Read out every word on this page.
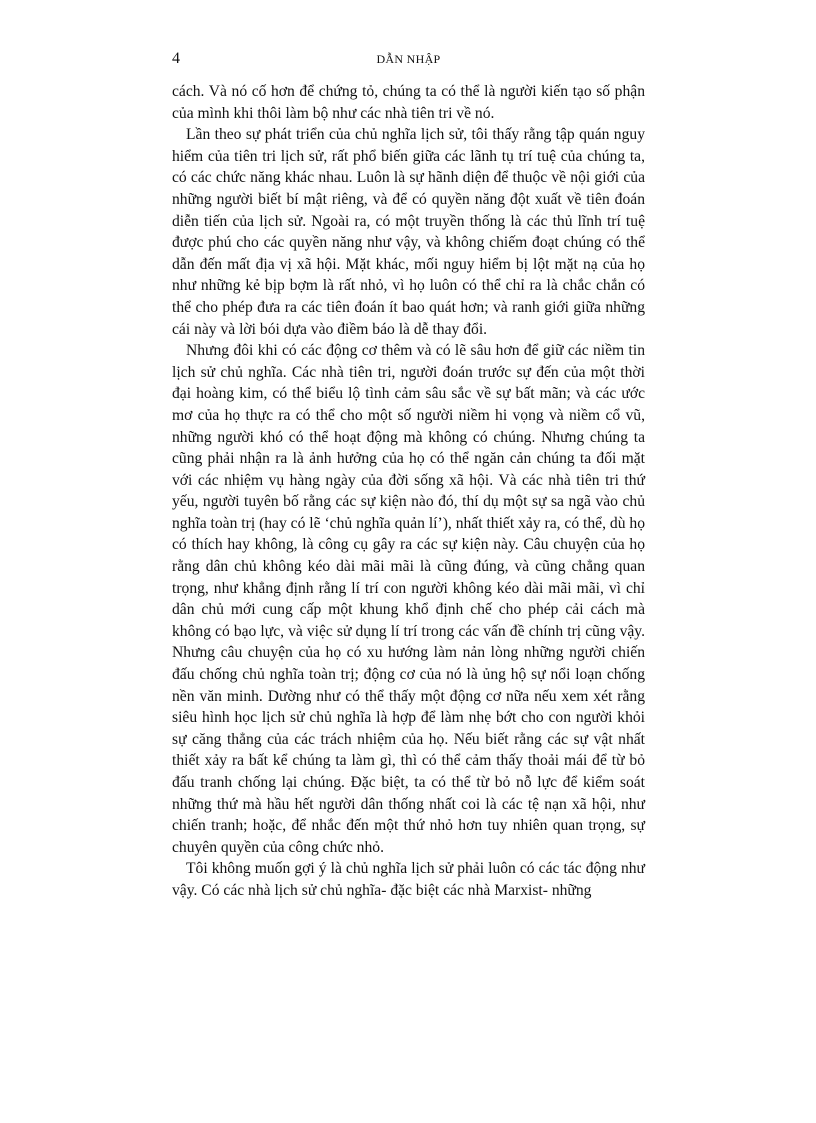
4	DẪN NHẬP

cách. Và nó cố hơn để chứng tỏ, chúng ta có thể là người kiến tạo số phận của mình khi thôi làm bộ như các nhà tiên tri về nó.

Lần theo sự phát triển của chủ nghĩa lịch sử, tôi thấy rằng tập quán nguy hiểm của tiên tri lịch sử, rất phổ biến giữa các lãnh tụ trí tuệ của chúng ta, có các chức năng khác nhau. Luôn là sự hãnh diện để thuộc về nội giới của những người biết bí mật riêng, và để có quyền năng đột xuất về tiên đoán diễn tiến của lịch sử. Ngoài ra, có một truyền thống là các thủ lĩnh trí tuệ được phú cho các quyền năng như vậy, và không chiếm đoạt chúng có thể dẫn đến mất địa vị xã hội. Mặt khác, mối nguy hiểm bị lột mặt nạ của họ như những kẻ bịp bợm là rất nhỏ, vì họ luôn có thể chỉ ra là chắc chắn có thể cho phép đưa ra các tiên đoán ít bao quát hơn; và ranh giới giữa những cái này và lời bói dựa vào điềm báo là dễ thay đổi.

Nhưng đôi khi có các động cơ thêm và có lẽ sâu hơn để giữ các niềm tin lịch sử chủ nghĩa. Các nhà tiên tri, người đoán trước sự đến của một thời đại hoàng kim, có thể biểu lộ tình cảm sâu sắc về sự bất mãn; và các ước mơ của họ thực ra có thể cho một số người niềm hi vọng và niềm cổ vũ, những người khó có thể hoạt động mà không có chúng. Nhưng chúng ta cũng phải nhận ra là ảnh hưởng của họ có thể ngăn cản chúng ta đối mặt với các nhiệm vụ hàng ngày của đời sống xã hội. Và các nhà tiên tri thứ yếu, người tuyên bố rằng các sự kiện nào đó, thí dụ một sự sa ngã vào chủ nghĩa toàn trị (hay có lẽ ‘chủ nghĩa quản lí’), nhất thiết xảy ra, có thể, dù họ có thích hay không, là công cụ gây ra các sự kiện này. Câu chuyện của họ rằng dân chủ không kéo dài mãi mãi là cũng đúng, và cũng chẳng quan trọng, như khẳng định rằng lí trí con người không kéo dài mãi mãi, vì chỉ dân chủ mới cung cấp một khung khổ định chế cho phép cải cách mà không có bạo lực, và việc sử dụng lí trí trong các vấn đề chính trị cũng vậy. Nhưng câu chuyện của họ có xu hướng làm nản lòng những người chiến đấu chống chủ nghĩa toàn trị; động cơ của nó là ủng hộ sự nổi loạn chống nền văn minh. Dường như có thể thấy một động cơ nữa nếu xem xét rằng siêu hình học lịch sử chủ nghĩa là hợp để làm nhẹ bớt cho con người khỏi sự căng thẳng của các trách nhiệm của họ. Nếu biết rằng các sự vật nhất thiết xảy ra bất kể chúng ta làm gì, thì có thể cảm thấy thoải mái để từ bỏ đấu tranh chống lại chúng. Đặc biệt, ta có thể từ bỏ nỗ lực để kiểm soát những thứ mà hầu hết người dân thống nhất coi là các tệ nạn xã hội, như chiến tranh; hoặc, để nhắc đến một thứ nhỏ hơn tuy nhiên quan trọng, sự chuyên quyền của công chức nhỏ.

Tôi không muốn gợi ý là chủ nghĩa lịch sử phải luôn có các tác động như vậy. Có các nhà lịch sử chủ nghĩa- đặc biệt các nhà Marxist- những
